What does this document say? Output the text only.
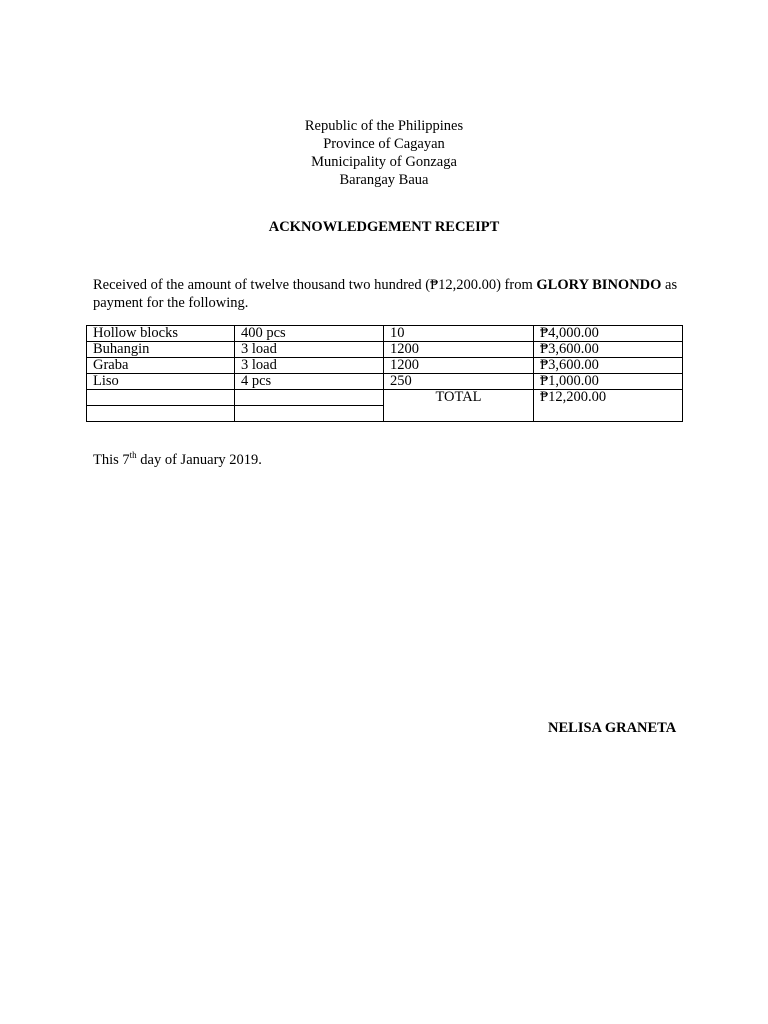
Republic of the Philippines
Province of Cagayan
Municipality of Gonzaga
Barangay Baua
ACKNOWLEDGEMENT RECEIPT
Received of the amount of twelve thousand two hundred (₱12,200.00) from GLORY BINONDO as payment for the following.
Hollow blocks	400 pcs	10	₱4,000.00
Buhangin	3 load	1200	₱3,600.00
Graba	3 load	1200	₱3,600.00
Liso	4 pcs	250	₱1,000.00
		TOTAL	₱12,200.00

This 7th day of January 2019.
NELISA GRANETA
